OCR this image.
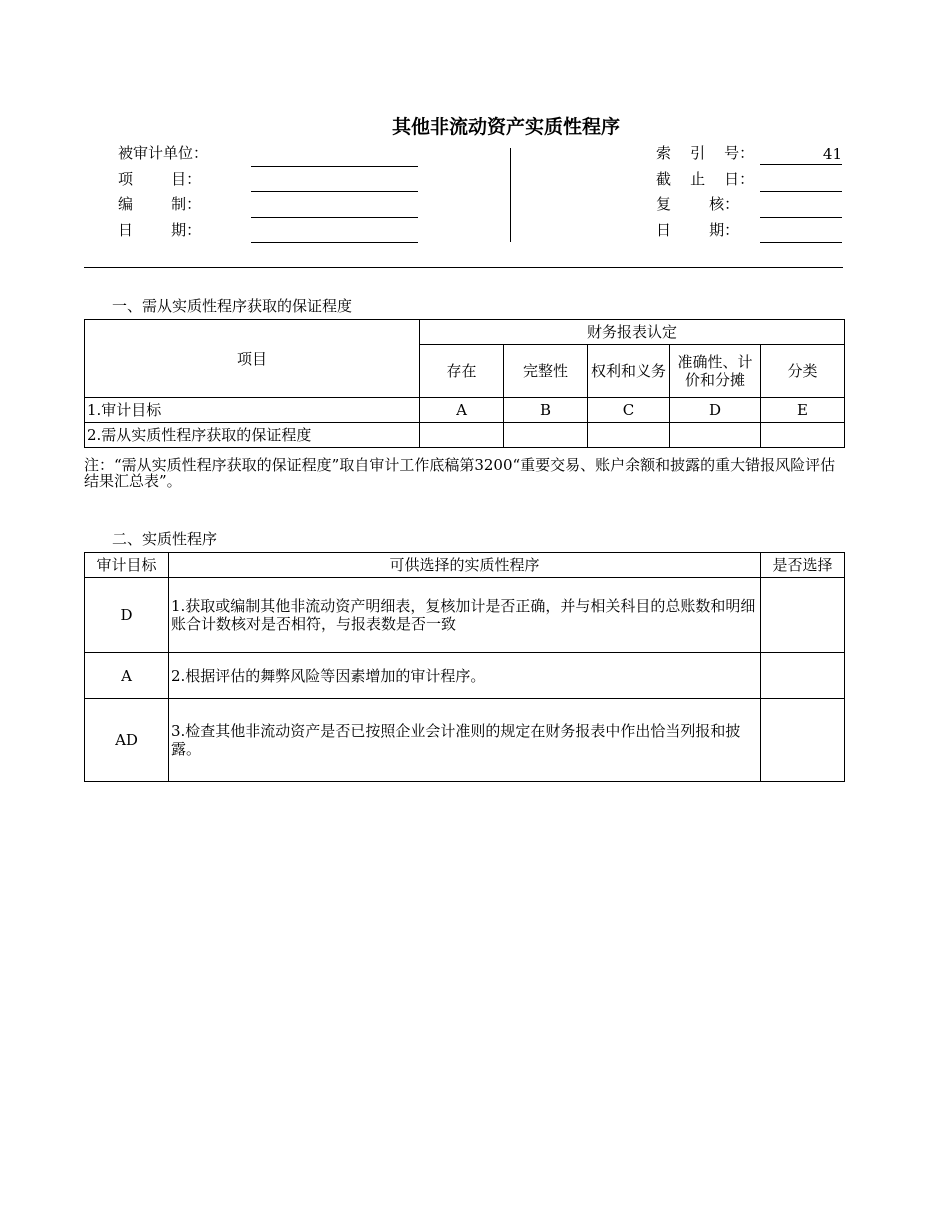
其他非流动资产实质性程序
被审计单位：
项        目：
编        制：
日        期：
索    引    号：	41
截    止    日：
复        核：
日        期：
一、需从实质性程序获取的保证程度
项目	财务报表认定				
	存在	完整性	权利和义务	准确性、计价和分摊	分类
1.审计目标	A	B	C	D	E
2.需从实质性程序获取的保证程度					
注：“需从实质性程序获取的保证程度”取自审计工作底稿第3200“重要交易、账户余额和披露的重大错报风险评估结果汇总表”。
二、实质性程序
审计目标	可供选择的实质性程序	是否选择
D	1.获取或编制其他非流动资产明细表，复核加计是否正确，并与相关科目的总账数和明细账合计数核对是否相符，与报表数是否一致	
A	2.根据评估的舞弊风险等因素增加的审计程序。	
AD	3.检查其他非流动资产是否已按照企业会计准则的规定在财务报表中作出恰当列报和披露。	
